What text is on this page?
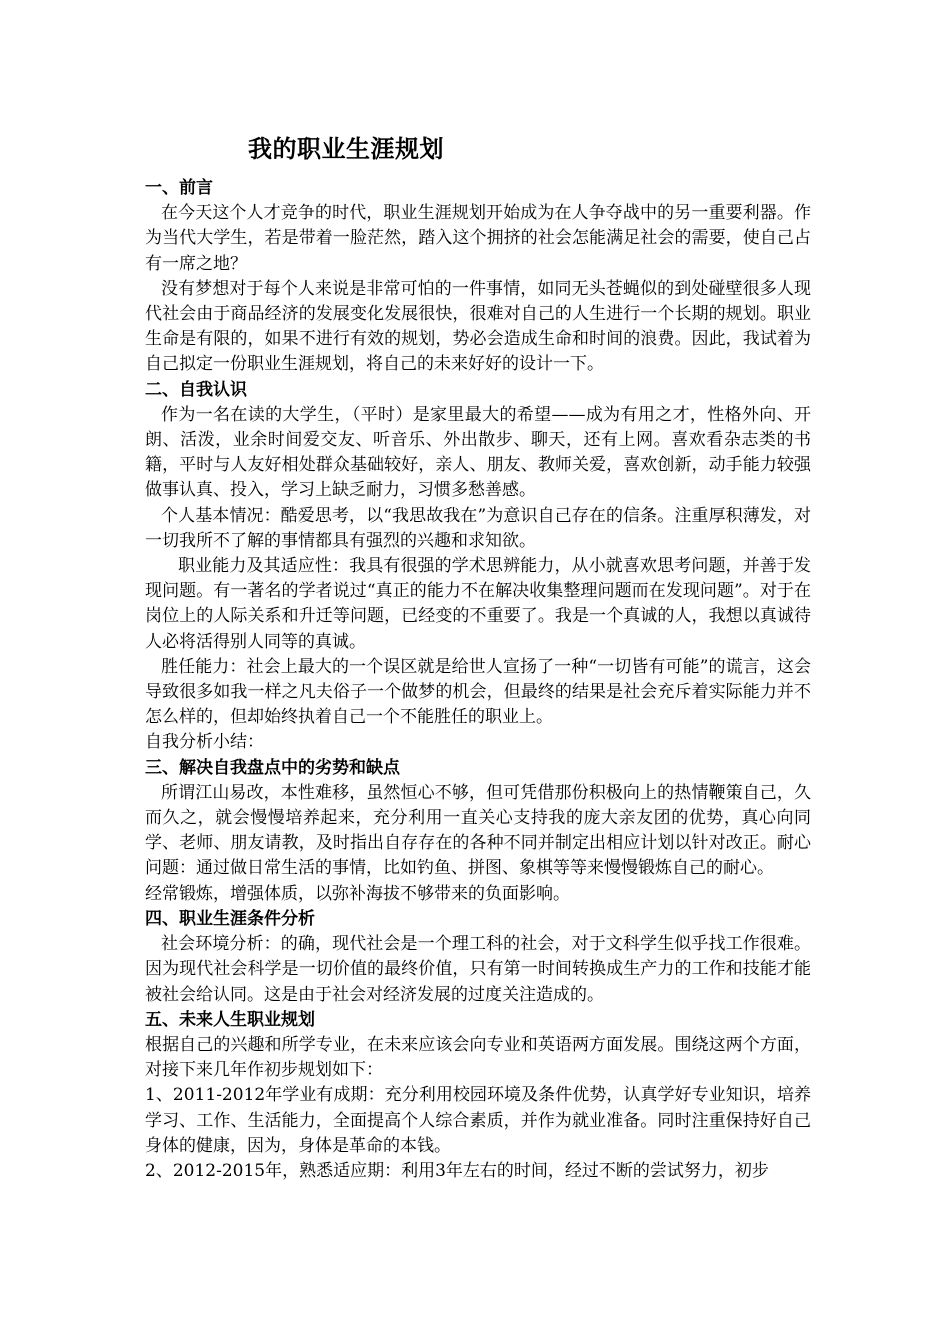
我的职业生涯规划
一、前言

在今天这个人才竞争的时代，职业生涯规划开始成为在人争夺战中的另一重要利器。作为当代大学生，若是带着一脸茫然，踏入这个拥挤的社会怎能满足社会的需要，使自己占有一席之地？

没有梦想对于每个人来说是非常可怕的一件事情，如同无头苍蝇似的到处碰壁很多人现代社会由于商品经济的发展变化发展很快，很难对自己的人生进行一个长期的规划。职业生命是有限的，如果不进行有效的规划，势必会造成生命和时间的浪费。因此，我试着为自己拟定一份职业生涯规划，将自己的未来好好的设计一下。

二、自我认识

作为一名在读的大学生，（平时）是家里最大的希望——成为有用之才，性格外向、开朗、活泼，业余时间爱交友、听音乐、外出散步、聊天，还有上网。喜欢看杂志类的书籍，平时与人友好相处群众基础较好，亲人、朋友、教师关爱，喜欢创新，动手能力较强做事认真、投入，学习上缺乏耐力，习惯多愁善感。

个人基本情况：酷爱思考，以“我思故我在”为意识自己存在的信条。注重厚积薄发，对一切我所不了解的事情都具有强烈的兴趣和求知欲。

职业能力及其适应性：我具有很强的学术思辨能力，从小就喜欢思考问题，并善于发现问题。有一著名的学者说过“真正的能力不在解决收集整理问题而在发现问题”。对于在岗位上的人际关系和升迁等问题，已经变的不重要了。我是一个真诚的人，我想以真诚待人必将活得别人同等的真诚。

胜任能力：社会上最大的一个误区就是给世人宣扬了一种“一切皆有可能”的谎言，这会导致很多如我一样之凡夫俗子一个做梦的机会，但最终的结果是社会充斥着实际能力并不怎么样的，但却始终执着自己一个不能胜任的职业上。

自我分析小结：

三、解决自我盘点中的劣势和缺点

所谓江山易改，本性难移，虽然恒心不够，但可凭借那份积极向上的热情鞭策自己，久而久之，就会慢慢培养起来，充分利用一直关心支持我的庞大亲友团的优势，真心向同学、老师、朋友请教，及时指出自存存在的各种不同并制定出相应计划以针对改正。耐心问题：通过做日常生活的事情，比如钓鱼、拼图、象棋等等来慢慢锻炼自己的耐心。

经常锻炼，增强体质，以弥补海拔不够带来的负面影响。

四、职业生涯条件分析

社会环境分析：的确，现代社会是一个理工科的社会，对于文科学生似乎找工作很难。因为现代社会科学是一切价值的最终价值，只有第一时间转换成生产力的工作和技能才能被社会给认同。这是由于社会对经济发展的过度关注造成的。

五、未来人生职业规划

根据自己的兴趣和所学专业，在未来应该会向专业和英语两方面发展。围绕这两个方面，对接下来几年作初步规划如下：

1、2011-2012年学业有成期：充分利用校园环境及条件优势，认真学好专业知识，培养学习、工作、生活能力，全面提高个人综合素质，并作为就业准备。同时注重保持好自己身体的健康，因为，身体是革命的本钱。

2、2012-2015年，熟悉适应期：利用3年左右的时间，经过不断的尝试努力，初步
